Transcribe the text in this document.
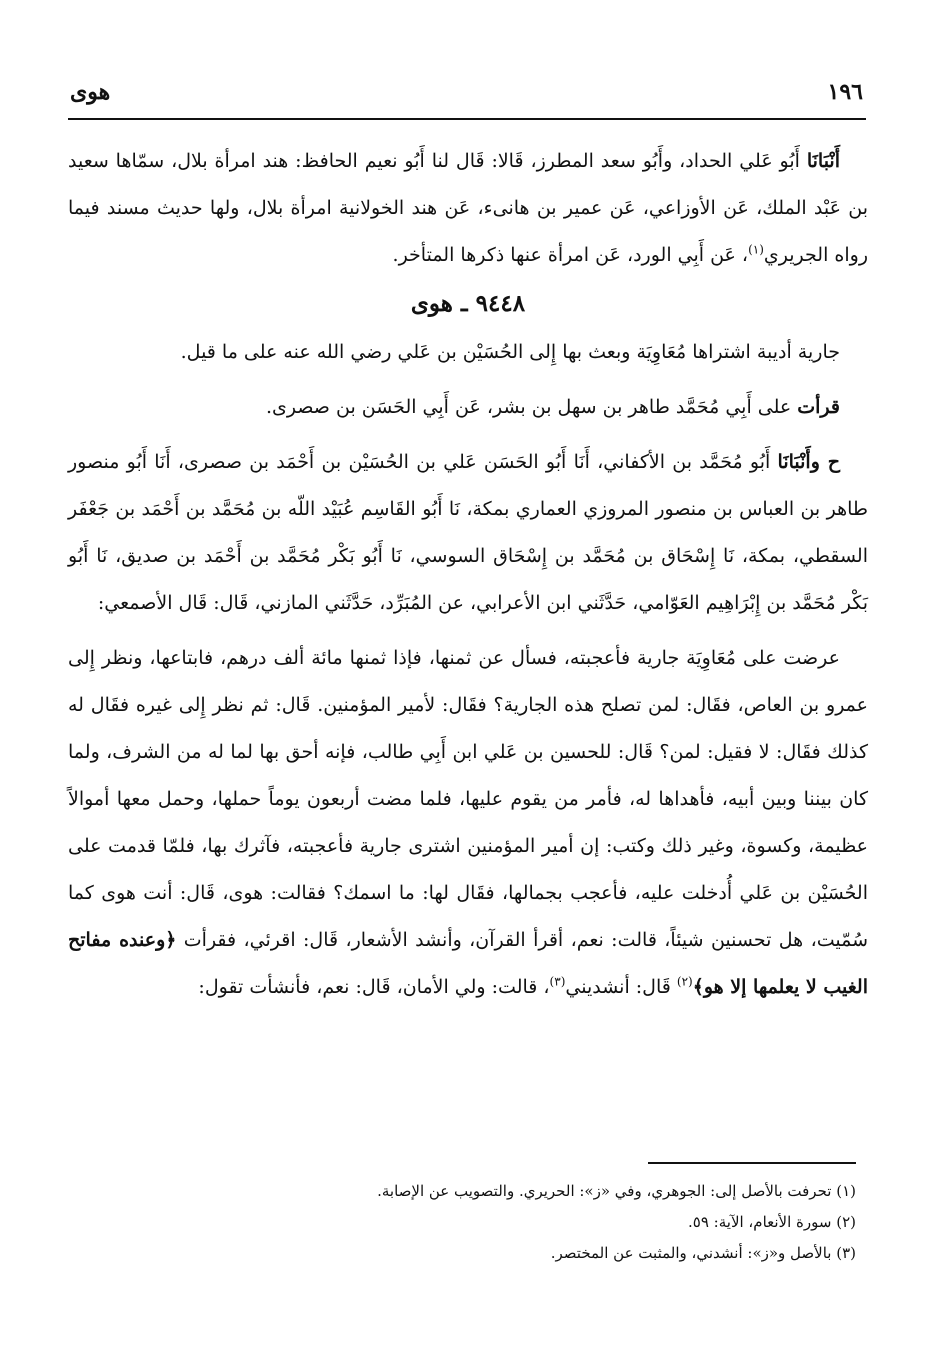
١٩٦
هوى

أَنْبَانَا أَبُو عَلي الحداد، وأَبُو سعد المطرز، قَالا: قَال لنا أَبُو نعيم الحافظ: هند امرأة بلال، سمّاها سعيد بن عَبْد الملك، عَن الأوزاعي، عَن عمير بن هانىء، عَن هند الخولانية امرأة بلال، ولها حديث مسند فيما رواه الجريري$^{(١)}$، عَن أَبِي الورد، عَن امرأة عنها ذكرها المتأخر.

٩٤٤٨ ـ هوى

جارية أديبة اشتراها مُعَاوِيَة وبعث بها إِلى الحُسَيْن بن عَلي رضي الله عنه على ما قيل.

قرأت على أَبِي مُحَمَّد طاهر بن سهل بن بشر، عَن أَبِي الحَسَن بن صصرى.

ح وأَنْبَانَا أَبُو مُحَمَّد بن الأكفاني، أَنَا أَبُو الحَسَن عَلي بن الحُسَيْن بن أَحْمَد بن صصرى، أَنَا أَبُو منصور طاهر بن العباس بن منصور المروزي العماري بمكة، نَا أَبُو القَاسِم عُبَيْد اللّه بن مُحَمَّد بن أَحْمَد بن جَعْفَر السقطي، بمكة، نَا إِسْحَاق بن مُحَمَّد بن إِسْحَاق السوسي، نَا أَبُو بَكْر مُحَمَّد بن أَحْمَد بن صديق، نَا أَبُو بَكْر مُحَمَّد بن إِبْرَاهِيم العَوّامي، حَدَّثَني ابن الأعرابي، عن المُبَرِّد، حَدَّثَني المازني، قَال: قَال الأصمعي:

عرضت على مُعَاوِيَة جارية فأعجبته، فسأل عن ثمنها، فإذا ثمنها مائة ألف درهم، فابتاعها، ونظر إِلى عمرو بن العاص، فقَال: لمن تصلح هذه الجارية؟ فقَال: لأمير المؤمنين. قَال: ثم نظر إِلى غيره فقَال له كذلك فقَال: لا فقيل: لمن؟ قَال: للحسين بن عَلي ابن أَبِي طالب، فإنه أحق بها لما له من الشرف، ولما كان بيننا وبين أبيه، فأهداها له، فأمر من يقوم عليها، فلما مضت أربعون يوماً حملها، وحمل معها أموالاً عظيمة، وكسوة، وغير ذلك وكتب: إن أمير المؤمنين اشترى جارية فأعجبته، فآثرك بها، فلمّا قدمت على الحُسَيْن بن عَلي أُدخلت عليه، فأعجب بجمالها، فقَال لها: ما اسمك؟ فقالت: هوى، قَال: أنت هوى كما سُمّيت، هل تحسنين شيئاً، قالت: نعم، أقرأ القرآن، وأنشد الأشعار، قَال: اقرئي، فقرأت ﴿وعنده مفاتح الغيب لا يعلمها إلا هو﴾$^{(٢)}$ قَال: أنشديني$^{(٣)}$، قالت: ولي الأمان، قَال: نعم، فأنشأت تقول:

(١) تحرفت بالأصل إلى: الجوهري، وفي «ز»: الحريري. والتصويب عن الإصابة.
(٢) سورة الأنعام، الآية: ٥٩.
(٣) بالأصل و«ز»: أنشدني، والمثبت عن المختصر.
